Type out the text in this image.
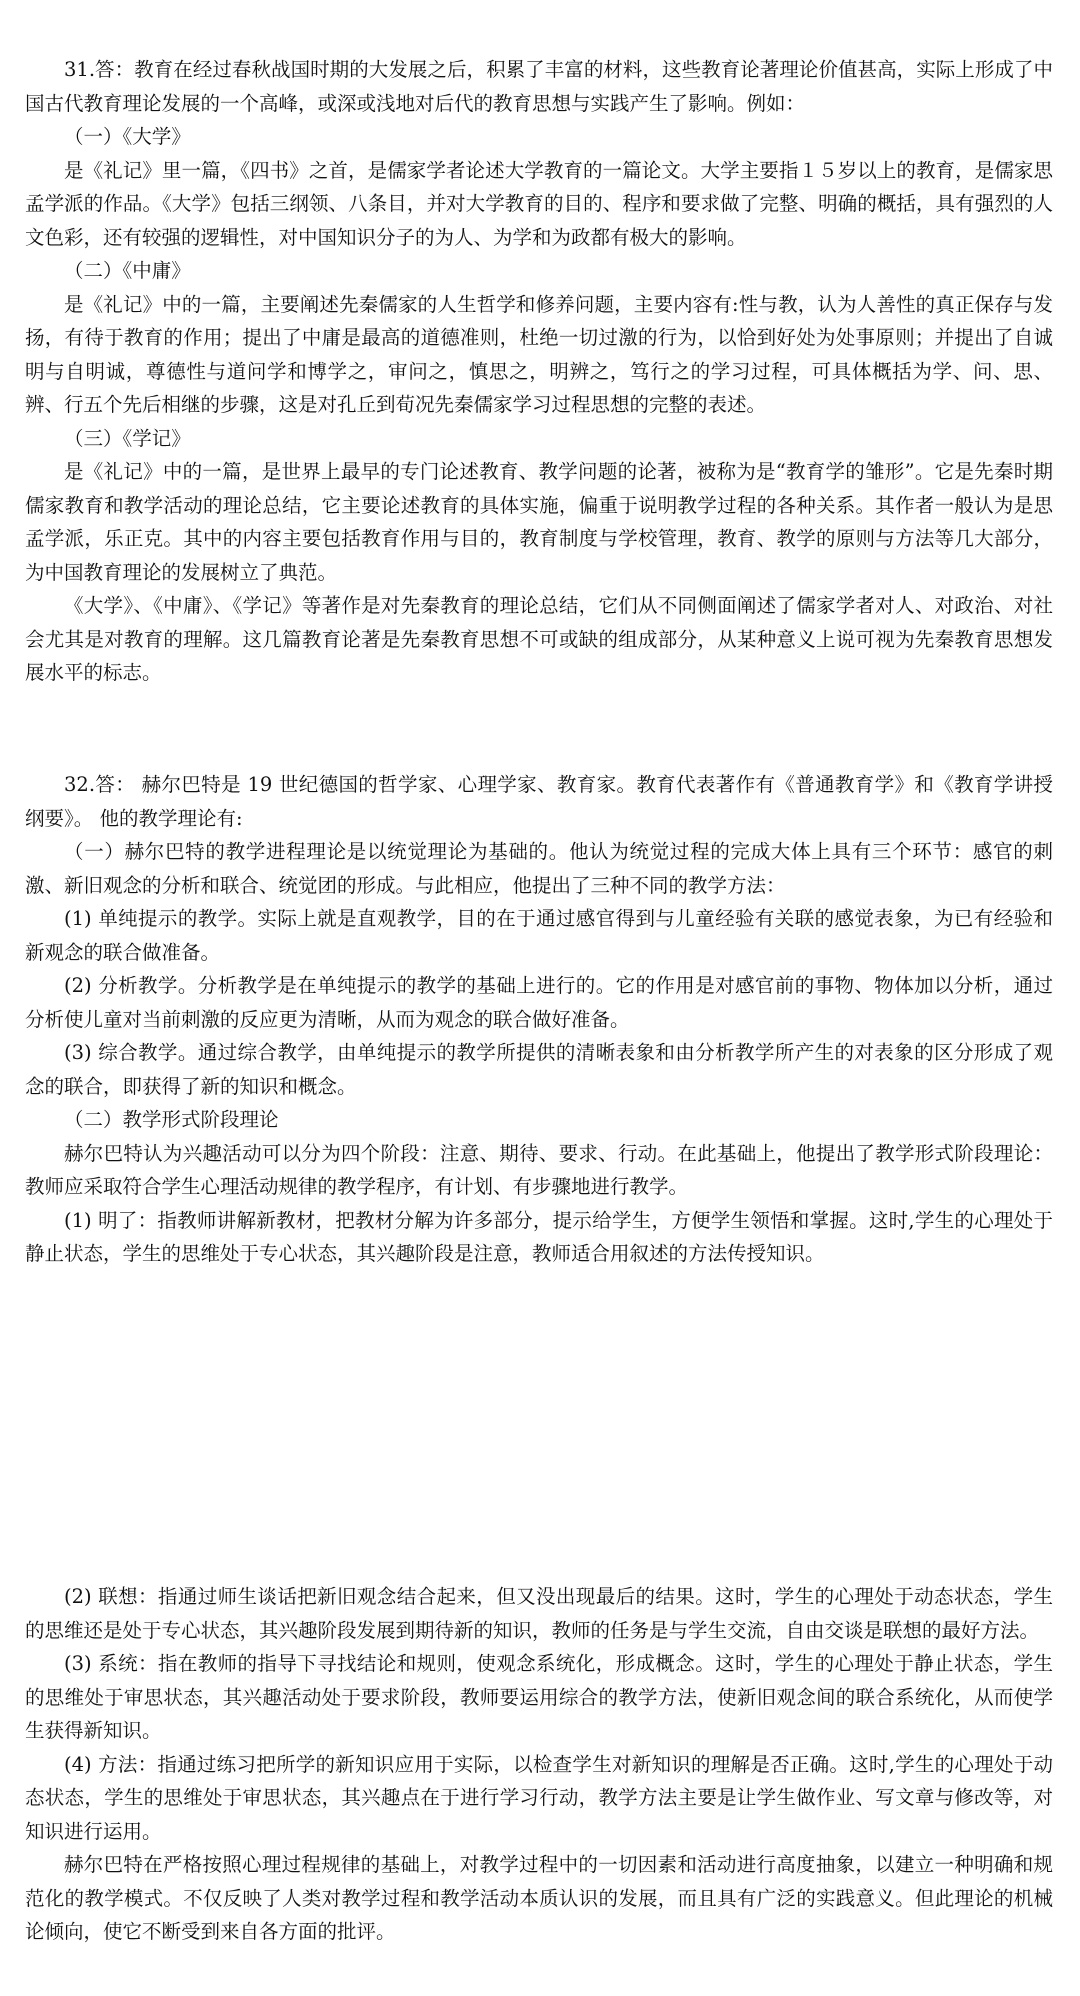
31.答：教育在经过春秋战国时期的大发展之后，积累了丰富的材料，这些教育论著理论价值甚高，实际上形成了中国古代教育理论发展的一个高峰，或深或浅地对后代的教育思想与实践产生了影响。例如：

（一）《大学》

是《礼记》里一篇，《四书》之首，是儒家学者论述大学教育的一篇论文。大学主要指１５岁以上的教育，是儒家思孟学派的作品。《大学》包括三纲领、八条目，并对大学教育的目的、程序和要求做了完整、明确的概括，具有强烈的人文色彩，还有较强的逻辑性，对中国知识分子的为人、为学和为政都有极大的影响。

（二）《中庸》

是《礼记》中的一篇，主要阐述先秦儒家的人生哲学和修养问题，主要内容有:性与教，认为人善性的真正保存与发扬，有待于教育的作用；提出了中庸是最高的道德准则，杜绝一切过激的行为，以恰到好处为处事原则；并提出了自诚明与自明诚，尊德性与道问学和博学之，审问之，慎思之，明辨之，笃行之的学习过程，可具体概括为学、问、思、辨、行五个先后相继的步骤，这是对孔丘到荀况先秦儒家学习过程思想的完整的表述。

（三）《学记》

是《礼记》中的一篇，是世界上最早的专门论述教育、教学问题的论著，被称为是“教育学的雏形”。它是先秦时期儒家教育和教学活动的理论总结，它主要论述教育的具体实施，偏重于说明教学过程的各种关系。其作者一般认为是思孟学派，乐正克。其中的内容主要包括教育作用与目的，教育制度与学校管理，教育、教学的原则与方法等几大部分，为中国教育理论的发展树立了典范。

《大学》、《中庸》、《学记》等著作是对先秦教育的理论总结，它们从不同侧面阐述了儒家学者对人、对政治、对社会尤其是对教育的理解。这几篇教育论著是先秦教育思想不可或缺的组成部分，从某种意义上说可视为先秦教育思想发展水平的标志。

32.答： 赫尔巴特是 19 世纪德国的哲学家、心理学家、教育家。教育代表著作有《普通教育学》和《教育学讲授纲要》。 他的教学理论有:

（一）赫尔巴特的教学进程理论是以统觉理论为基础的。他认为统觉过程的完成大体上具有三个环节：感官的刺激、新旧观念的分析和联合、统觉团的形成。与此相应，他提出了三种不同的教学方法：

(1) 单纯提示的教学。实际上就是直观教学，目的在于通过感官得到与儿童经验有关联的感觉表象，为已有经验和新观念的联合做准备。

(2) 分析教学。分析教学是在单纯提示的教学的基础上进行的。它的作用是对感官前的事物、物体加以分析，通过分析使儿童对当前刺激的反应更为清晰，从而为观念的联合做好准备。

(3) 综合教学。通过综合教学，由单纯提示的教学所提供的清晰表象和由分析教学所产生的对表象的区分形成了观念的联合，即获得了新的知识和概念。

（二）教学形式阶段理论

赫尔巴特认为兴趣活动可以分为四个阶段：注意、期待、要求、行动。在此基础上，他提出了教学形式阶段理论：教师应采取符合学生心理活动规律的教学程序，有计划、有步骤地进行教学。

(1) 明了：指教师讲解新教材，把教材分解为许多部分，提示给学生，方便学生领悟和掌握。这时,学生的心理处于静止状态，学生的思维处于专心状态，其兴趣阶段是注意，教师适合用叙述的方法传授知识。

(2) 联想：指通过师生谈话把新旧观念结合起来，但又没出现最后的结果。这时，学生的心理处于动态状态，学生的思维还是处于专心状态，其兴趣阶段发展到期待新的知识，教师的任务是与学生交流，自由交谈是联想的最好方法。

(3) 系统：指在教师的指导下寻找结论和规则，使观念系统化，形成概念。这时，学生的心理处于静止状态，学生的思维处于审思状态，其兴趣活动处于要求阶段，教师要运用综合的教学方法，使新旧观念间的联合系统化，从而使学生获得新知识。

(4) 方法：指通过练习把所学的新知识应用于实际，以检查学生对新知识的理解是否正确。这时,学生的心理处于动态状态，学生的思维处于审思状态，其兴趣点在于进行学习行动，教学方法主要是让学生做作业、写文章与修改等，对知识进行运用。

赫尔巴特在严格按照心理过程规律的基础上，对教学过程中的一切因素和活动进行高度抽象，以建立一种明确和规范化的教学模式。不仅反映了人类对教学过程和教学活动本质认识的发展，而且具有广泛的实践意义。但此理论的机械论倾向，使它不断受到来自各方面的批评。
